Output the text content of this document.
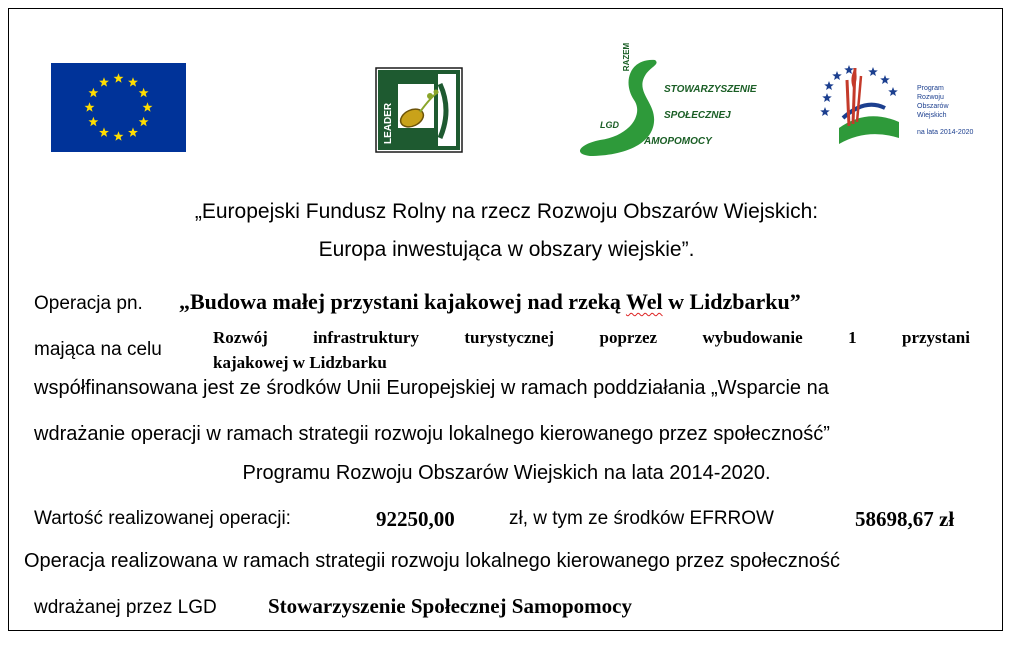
LEADER
RAZEM
STOWARZYSZENIE
SPOŁECZNEJ
LGD
AMOPOMOCY
Program
Rozwoju
Obszarów
Wiejskich
na lata 2014-2020
„Europejski Fundusz Rolny na rzecz Rozwoju Obszarów Wiejskich:
Europa inwestująca w obszary wiejskie”.
Operacja pn. „Budowa małej przystani kajakowej nad rzeką Wel w Lidzbarku”
mająca na celu
Rozwój infrastruktury turystycznej poprzez wybudowanie 1 przystani
kajakowej w Lidzbarku
współfinansowana jest ze środków Unii Europejskiej w ramach poddziałania „Wsparcie na
wdrażanie operacji w ramach strategii rozwoju lokalnego kierowanego przez społeczność”
Programu Rozwoju Obszarów Wiejskich na lata 2014-2020.
Wartość realizowanej operacji:	92250,00	zł, w tym ze środków EFRROW	58698,67 zł
Operacja realizowana w ramach strategii rozwoju lokalnego kierowanego przez społeczność
wdrażanej przez LGD Stowarzyszenie Społecznej Samopomocy
